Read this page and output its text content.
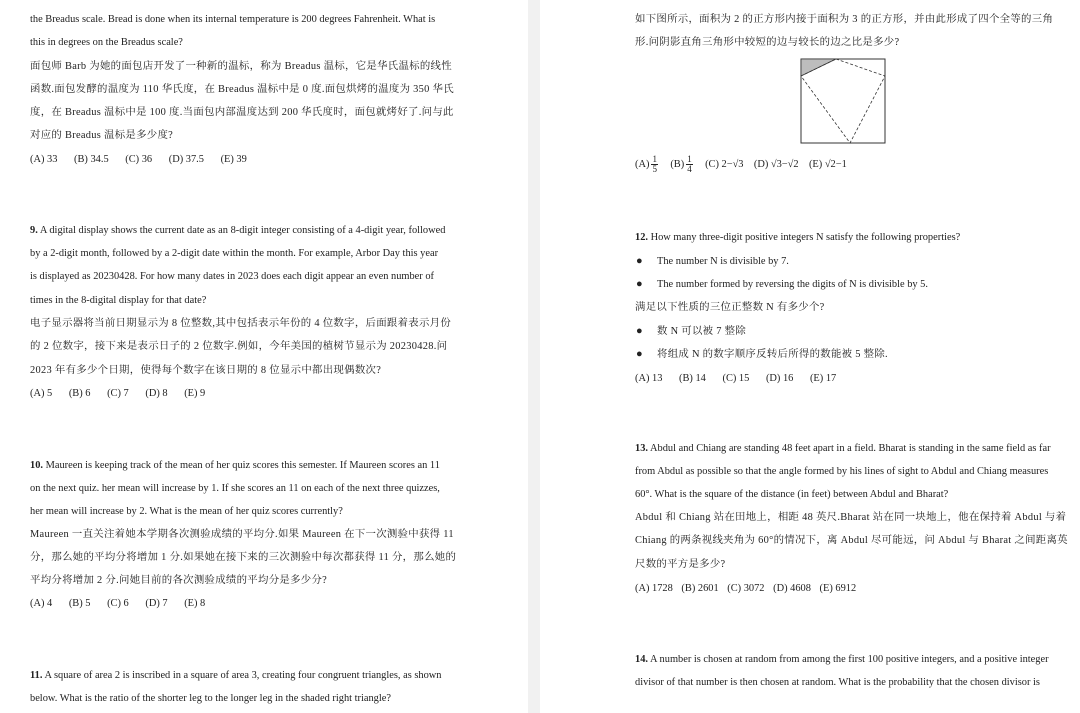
the Breadus scale. Bread is done when its internal temperature is 200 degrees Fahrenheit. What is
this in degrees on the Breadus scale?
面包师 Barb 为她的面包店开发了一种新的温标，称为 Breadus 温标，它是华氏温标的线性
函数.面包发酵的温度为 110 华氏度，在 Breadus 温标中是 0 度.面包烘烤的温度为 350 华氏
度，在 Breadus 温标中是 100 度.当面包内部温度达到 200 华氏度时，面包就烤好了.问与此
对应的 Breadus 温标是多少度?
(A) 33 (B) 34.5 (C) 36 (D) 37.5 (E) 39
9. A digital display shows the current date as an 8-digit integer consisting of a 4-digit year, followed
by a 2-digit month, followed by a 2-digit date within the month. For example, Arbor Day this year
is displayed as 20230428. For how many dates in 2023 does each digit appear an even number of
times in the 8-digital display for that date?
电子显示器将当前日期显示为 8 位整数,其中包括表示年份的 4 位数字，后面跟着表示月份
的 2 位数字，接下来是表示日子的 2 位数字.例如，今年美国的植树节显示为 20230428.问
2023 年有多少个日期，使得每个数字在该日期的 8 位显示中都出现偶数次?
(A) 5 (B) 6 (C) 7 (D) 8 (E) 9
10. Maureen is keeping track of the mean of her quiz scores this semester. If Maureen scores an 11
on the next quiz. her mean will increase by 1. If she scores an 11 on each of the next three quizzes,
her mean will increase by 2. What is the mean of her quiz scores currently?
Maureen 一直关注着她本学期各次测验成绩的平均分.如果 Maureen 在下一次测验中获得 11
分，那么她的平均分将增加 1 分.如果她在接下来的三次测验中每次都获得 11 分，那么她的
平均分将增加 2 分.问她目前的各次测验成绩的平均分是多少分?
(A) 4 (B) 5 (C) 6 (D) 7 (E) 8
11. A square of area 2 is inscribed in a square of area 3, creating four congruent triangles, as shown
below. What is the ratio of the shorter leg to the longer leg in the shaded right triangle?
如下图所示，面积为 2 的正方形内接于面积为 3 的正方形，并由此形成了四个全等的三角
形.问阴影直角三角形中较短的边与较长的边之比是多少?
$(A) \frac{1}{5} (B) \frac{1}{4} (C)$ 2−√3 (D) √3−√2 (E) √2−1
12. How many three-digit positive integers N satisfy the following properties?
● The number N is divisible by 7.
● The number formed by reversing the digits of N is divisible by 5.
满足以下性质的三位正整数 N 有多少个?
● 数 N 可以被 7 整除
● 将组成 N 的数字顺序反转后所得的数能被 5 整除.
(A) 13 (B) 14 (C) 15 (D) 16 (E) 17
13. Abdul and Chiang are standing 48 feet apart in a field. Bharat is standing in the same field as far
from Abdul as possible so that the angle formed by his lines of sight to Abdul and Chiang measures
60°. What is the square of the distance (in feet) between Abdul and Bharat?
Abdul 和 Chiang 站在田地上，相距 48 英尺.Bharat 站在同一块地上，他在保持着 Abdul 与着
Chiang 的两条视线夹角为 60°的情况下，离 Abdul 尽可能远，问 Abdul 与 Bharat 之间距离英
尺数的平方是多少?
(A) 1728 (B) 2601 (C) 3072 (D) 4608 (E) 6912
14. A number is chosen at random from among the first 100 positive integers, and a positive integer
divisor of that number is then chosen at random. What is the probability that the chosen divisor is
